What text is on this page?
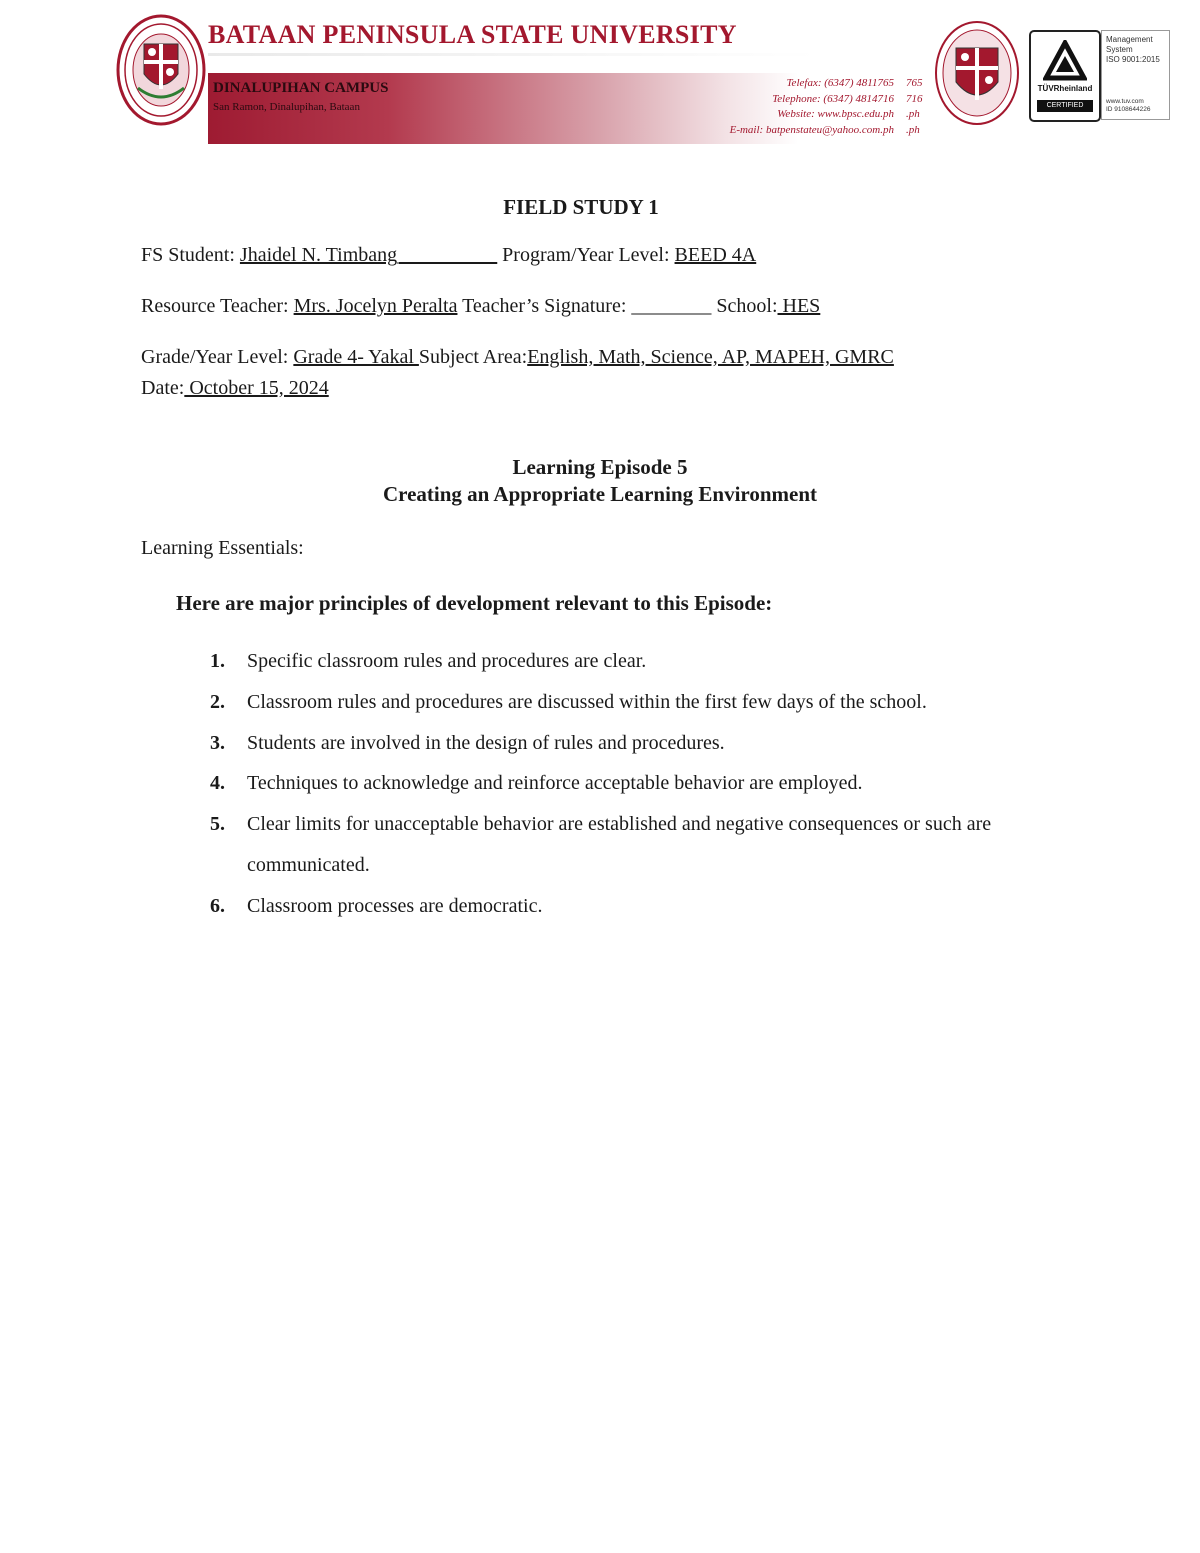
BATAAN PENINSULA STATE UNIVERSITY
DINALUPIHAN CAMPUS
San Ramon, Dinalupihan, Bataan
Telefax: (6347) 4811765
Telephone: (6347) 4814716
Website: www.bpsc.edu.ph
E-mail: batpenstateu@yahoo.com.ph
765
716
.ph
.ph
TÜVRheinland
CERTIFIED
Management
System
ISO 9001:2015
www.tuv.com
ID 9108644226
FIELD STUDY 1
FS Student: Jhaidel N. Timbang__________ Program/Year Level: BEED 4A
Resource Teacher: Mrs. Jocelyn Peralta Teacher’s Signature: ________ School: HES
Grade/Year Level: Grade 4- Yakal Subject Area:English, Math, Science, AP, MAPEH, GMRC
Date: October 15, 2024
Learning Episode 5
Creating an Appropriate Learning Environment
Learning Essentials:
Here are major principles of development relevant to this Episode:
1.	Specific classroom rules and procedures are clear.
2.	Classroom rules and procedures are discussed within the first few days of the school.
3.	Students are involved in the design of rules and procedures.
4.	Techniques to acknowledge and reinforce acceptable behavior are employed.
5.	Clear limits for unacceptable behavior are established and negative consequences or such are communicated.
6.	Classroom processes are democratic.
